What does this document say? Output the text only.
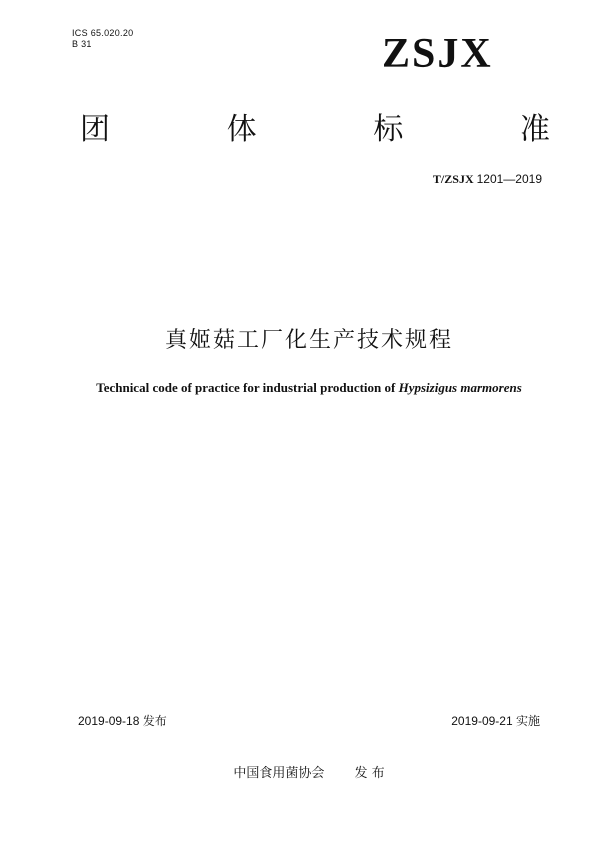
ICS 65.020.20
B 31	ZSJX
团	体	标	准
T/ZSJX 1201—2019
真姬菇工厂化生产技术规程
Technical code of practice for industrial production of Hypsizigus marmorens
2019-09-18 发布	2019-09-21 实施
中国食用菌协会 发 布
